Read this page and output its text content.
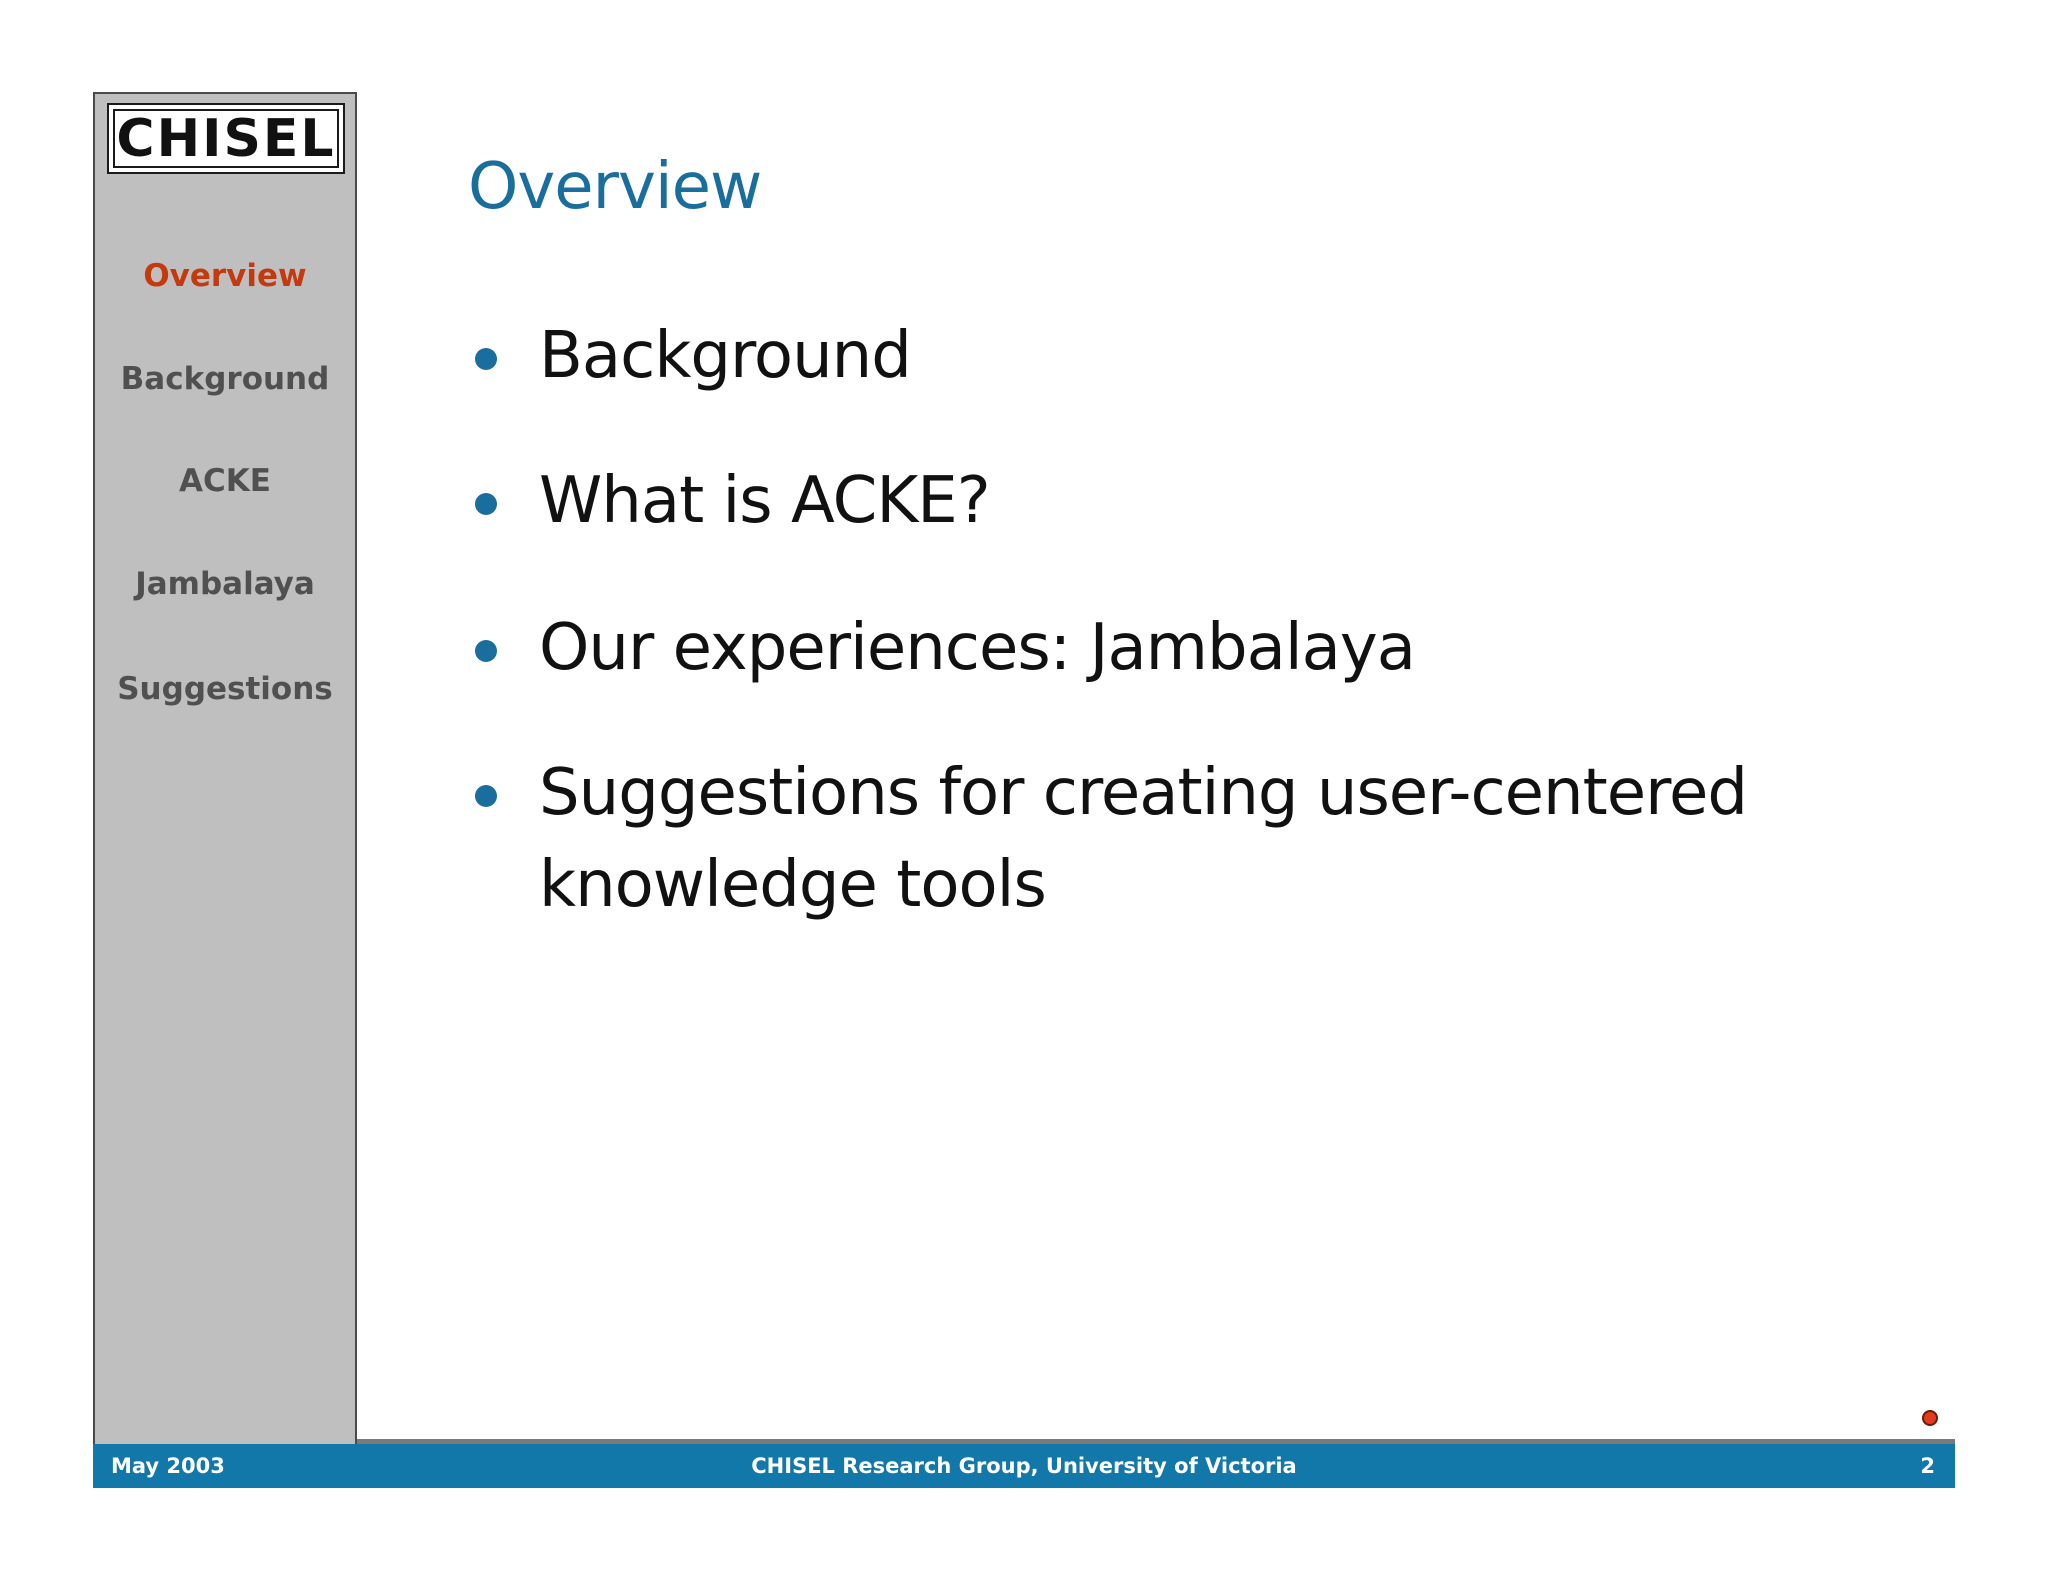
CHISEL
Overview
Background
ACKE
Jambalaya
Suggestions
Overview
Background
What is ACKE?
Our experiences: Jambalaya
Suggestions for creating user-centered knowledge tools
May 2003	CHISEL Research Group, University of Victoria	2
